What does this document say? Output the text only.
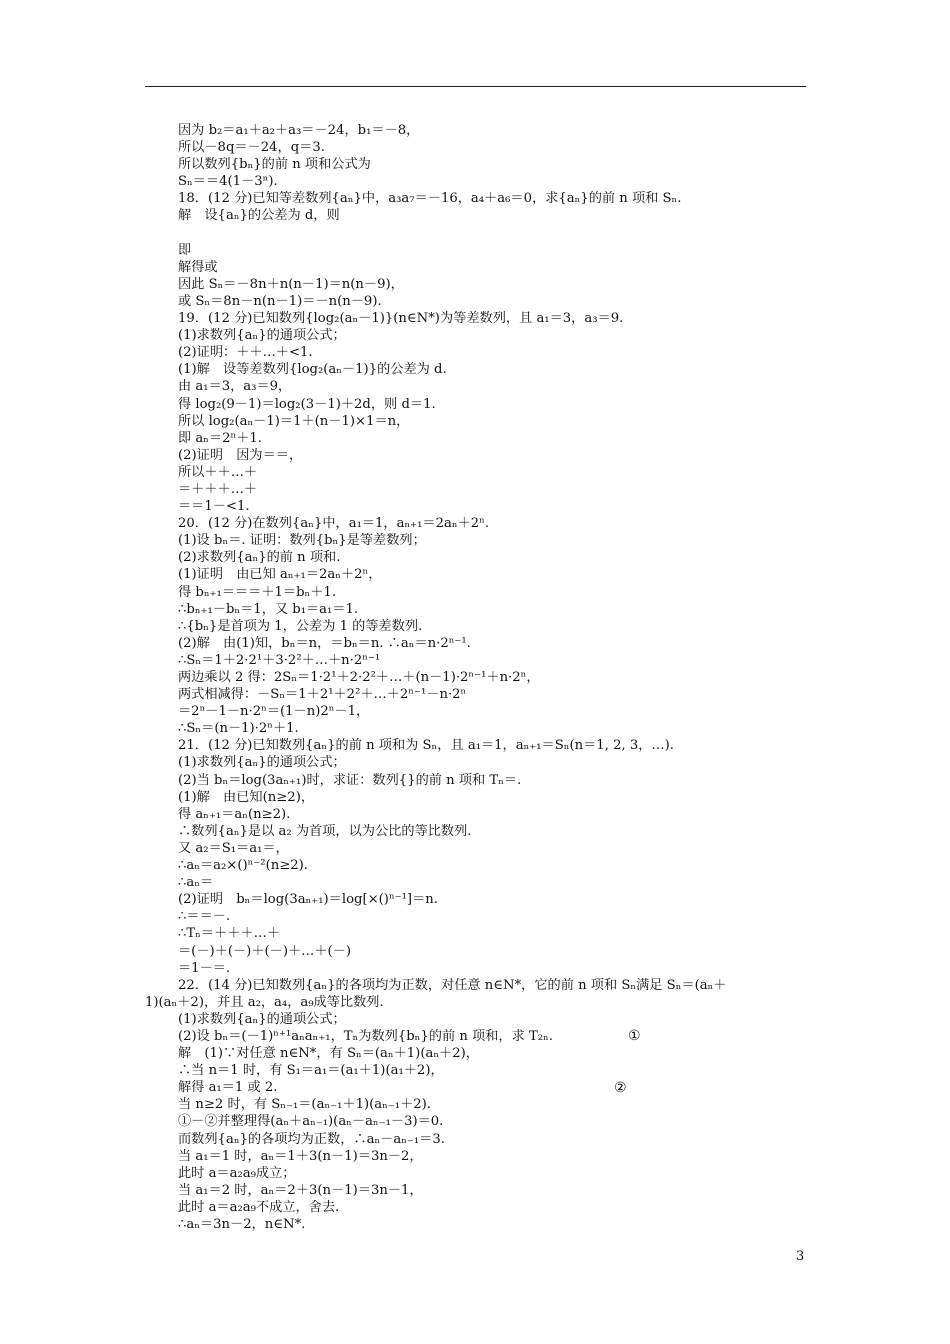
因为 b₂＝a₁＋a₂＋a₃＝－24，b₁＝－8，
所以－8q＝－24，q＝3.
所以数列{bₙ}的前 n 项和公式为
Sₙ＝＝4(1－3ⁿ).
18．(12 分)已知等差数列{aₙ}中，a₃a₇＝－16，a₄＋a₆＝0，求{aₙ}的前 n 项和 Sₙ.
解　设{aₙ}的公差为 d，则
即
解得或
因此 Sₙ＝－8n＋n(n－1)＝n(n－9)，
或 Sₙ＝8n－n(n－1)＝－n(n－9).
19．(12 分)已知数列{log₂(aₙ－1)}(n∈N*)为等差数列，且 a₁＝3，a₃＝9.
(1)求数列{aₙ}的通项公式；
(2)证明：＋＋…＋<1.
(1)解　设等差数列{log₂(aₙ－1)}的公差为 d.
由 a₁＝3，a₃＝9，
得 log₂(9－1)＝log₂(3－1)＋2d，则 d＝1.
所以 log₂(aₙ－1)＝1＋(n－1)×1＝n，
即 aₙ＝2ⁿ＋1.
(2)证明　因为＝＝，
所以＋＋…＋
＝＋＋＋…＋
＝＝1－<1.
20．(12 分)在数列{aₙ}中，a₁＝1，aₙ₊₁＝2aₙ＋2ⁿ.
(1)设 bₙ＝. 证明：数列{bₙ}是等差数列；
(2)求数列{aₙ}的前 n 项和.
(1)证明　由已知 aₙ₊₁＝2aₙ＋2ⁿ，
得 bₙ₊₁＝＝＝＋1＝bₙ＋1.
∴bₙ₊₁－bₙ＝1，又 b₁＝a₁＝1.
∴{bₙ}是首项为 1，公差为 1 的等差数列.
(2)解　由(1)知，bₙ＝n，＝bₙ＝n. ∴aₙ＝n·2ⁿ⁻¹.
∴Sₙ＝1＋2·2¹＋3·2²＋…＋n·2ⁿ⁻¹
两边乘以 2 得：2Sₙ＝1·2¹＋2·2²＋…＋(n－1)·2ⁿ⁻¹＋n·2ⁿ，
两式相减得：－Sₙ＝1＋2¹＋2²＋…＋2ⁿ⁻¹－n·2ⁿ
＝2ⁿ－1－n·2ⁿ＝(1－n)2ⁿ－1，
∴Sₙ＝(n－1)·2ⁿ＋1.
21．(12 分)已知数列{aₙ}的前 n 项和为 Sₙ，且 a₁＝1，aₙ₊₁＝Sₙ(n＝1, 2, 3，…).
(1)求数列{aₙ}的通项公式；
(2)当 bₙ＝log(3aₙ₊₁)时，求证：数列{}的前 n 项和 Tₙ＝.
(1)解　由已知(n≥2)，
得 aₙ₊₁＝aₙ(n≥2).
∴数列{aₙ}是以 a₂ 为首项，以为公比的等比数列.
又 a₂＝S₁＝a₁＝，
∴aₙ＝a₂×()ⁿ⁻²(n≥2).
∴aₙ＝
(2)证明　bₙ＝log(3aₙ₊₁)＝log[×()ⁿ⁻¹]＝n.
∴＝＝－.
∴Tₙ＝＋＋＋…＋
＝(－)＋(－)＋(－)＋…＋(－)
＝1－＝.
22．(14 分)已知数列{aₙ}的各项均为正数，对任意 n∈N*，它的前 n 项和 Sₙ满足 Sₙ＝(aₙ＋
1)(aₙ＋2)，并且 a₂，a₄，a₉成等比数列.
(1)求数列{aₙ}的通项公式；
(2)设 bₙ＝(－1)ⁿ⁺¹aₙaₙ₊₁，Tₙ为数列{bₙ}的前 n 项和，求 T₂ₙ.
解　(1)∵对任意 n∈N*，有 Sₙ＝(aₙ＋1)(aₙ＋2)，
∴当 n＝1 时，有 S₁＝a₁＝(a₁＋1)(a₁＋2)，
解得 a₁＝1 或 2.
当 n≥2 时，有 Sₙ₋₁＝(aₙ₋₁＋1)(aₙ₋₁＋2).
①－②并整理得(aₙ＋aₙ₋₁)(aₙ－aₙ₋₁－3)＝0.
而数列{aₙ}的各项均为正数，∴aₙ－aₙ₋₁＝3.
当 a₁＝1 时，aₙ＝1＋3(n－1)＝3n－2，
此时 a＝a₂a₉成立；
当 a₁＝2 时，aₙ＝2＋3(n－1)＝3n－1，
此时 a＝a₂a₉不成立，舍去.
∴aₙ＝3n－2，n∈N*.
①
②
3
